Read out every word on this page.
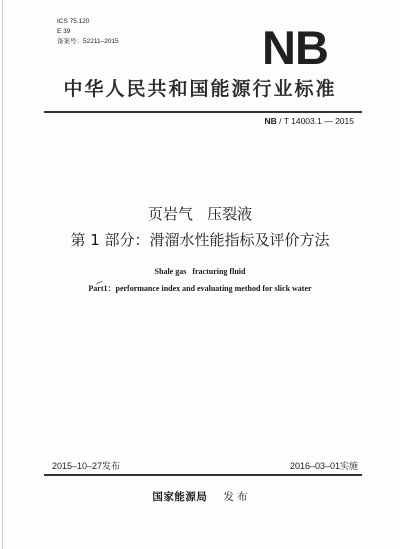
ICS 75.120
E 39
备案号：52211–2015	NB
中华人民共和国能源行业标准
NB / T 14003.1 — 2015
页岩气   压裂液
第 1 部分：滑溜水性能指标及评价方法
Shale gas   fracturing fluid
Part1：performance index and evaluating method for slick water
2015–10–27发布	2016–03–01实施
国家能源局 发 布
